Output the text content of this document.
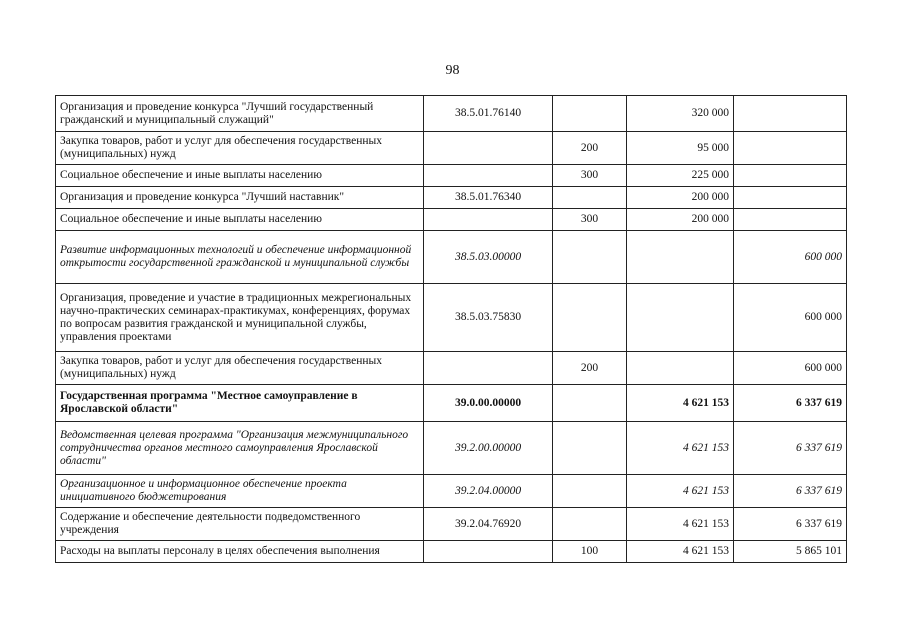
98
Организация и проведение конкурса "Лучший государственный гражданский и муниципальный служащий"	38.5.01.76140		320 000	
Закупка товаров, работ и услуг для обеспечения государственных (муниципальных) нужд		200	95 000	
Социальное обеспечение и иные выплаты населению		300	225 000	
Организация и проведение конкурса "Лучший наставник"	38.5.01.76340		200 000	
Социальное обеспечение и иные выплаты населению		300	200 000	
Развитие информационных технологий и обеспечение информационной открытости государственной гражданской и муниципальной службы	38.5.03.00000			600 000
Организация, проведение и участие в традиционных межрегиональных научно-практических семинарах-практикумах, конференциях, форумах по вопросам развития гражданской и муниципальной службы, управления проектами	38.5.03.75830			600 000
Закупка товаров, работ и услуг для обеспечения государственных (муниципальных) нужд		200		600 000
Государственная программа "Местное самоуправление в Ярославской области"	39.0.00.00000		4 621 153	6 337 619
Ведомственная целевая программа "Организация межмуниципального сотрудничества органов местного самоуправления Ярославской области"	39.2.00.00000		4 621 153	6 337 619
Организационное и информационное обеспечение проекта инициативного бюджетирования	39.2.04.00000		4 621 153	6 337 619
Содержание и обеспечение деятельности подведомственного учреждения	39.2.04.76920		4 621 153	6 337 619
Расходы на выплаты персоналу в целях обеспечения выполнения		100	4 621 153	5 865 101
